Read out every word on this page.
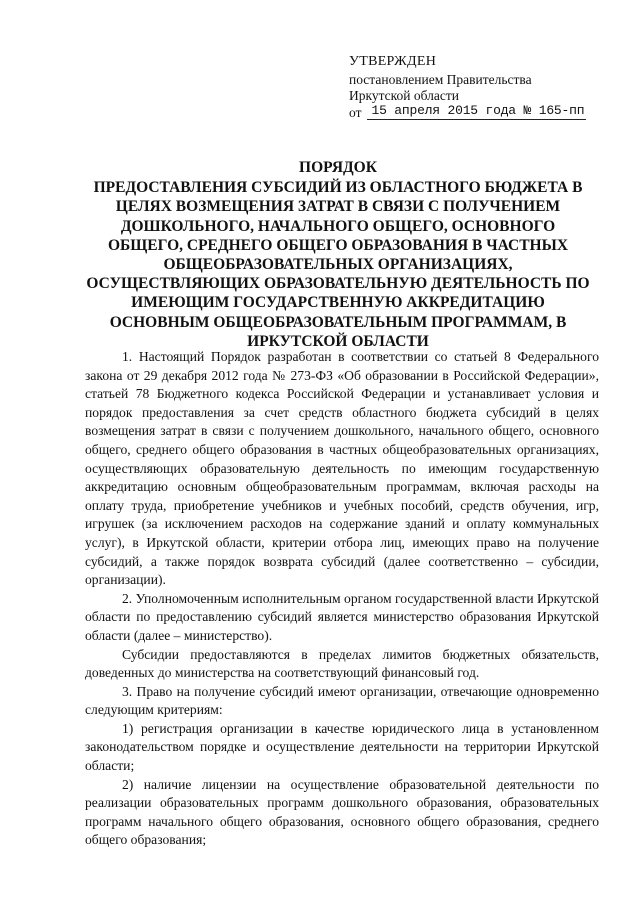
УТВЕРЖДЕН
постановлением Правительства
Иркутской области
от 15 апреля 2015 года № 165-пп
ПОРЯДОК
ПРЕДОСТАВЛЕНИЯ СУБСИДИЙ ИЗ ОБЛАСТНОГО БЮДЖЕТА В
ЦЕЛЯХ ВОЗМЕЩЕНИЯ ЗАТРАТ В СВЯЗИ С ПОЛУЧЕНИЕМ
ДОШКОЛЬНОГО, НАЧАЛЬНОГО ОБЩЕГО, ОСНОВНОГО
ОБЩЕГО, СРЕДНЕГО ОБЩЕГО ОБРАЗОВАНИЯ В ЧАСТНЫХ
ОБЩЕОБРАЗОВАТЕЛЬНЫХ ОРГАНИЗАЦИЯХ,
ОСУЩЕСТВЛЯЮЩИХ ОБРАЗОВАТЕЛЬНУЮ ДЕЯТЕЛЬНОСТЬ ПО
ИМЕЮЩИМ ГОСУДАРСТВЕННУЮ АККРЕДИТАЦИЮ
ОСНОВНЫМ ОБЩЕОБРАЗОВАТЕЛЬНЫМ ПРОГРАММАМ, В
ИРКУТСКОЙ ОБЛАСТИ

1. Настоящий Порядок разработан в соответствии со статьей 8 Федерального закона от 29 декабря 2012 года № 273-ФЗ «Об образовании в Российской Федерации», статьей 78 Бюджетного кодекса Российской Федерации и устанавливает условия и порядок предоставления за счет средств областного бюджета субсидий в целях возмещения затрат в связи с получением дошкольного, начального общего, основного общего, среднего общего образования в частных общеобразовательных организациях, осуществляющих образовательную деятельность по имеющим государственную аккредитацию основным общеобразовательным программам, включая расходы на оплату труда, приобретение учебников и учебных пособий, средств обучения, игр, игрушек (за исключением расходов на содержание зданий и оплату коммунальных услуг), в Иркутской области, критерии отбора лиц, имеющих право на получение субсидий, а также порядок возврата субсидий (далее соответственно – субсидии, организации).

2. Уполномоченным исполнительным органом государственной власти Иркутской области по предоставлению субсидий является министерство образования Иркутской области (далее – министерство).

Субсидии предоставляются в пределах лимитов бюджетных обязательств, доведенных до министерства на соответствующий финансовый год.

3. Право на получение субсидий имеют организации, отвечающие одновременно следующим критериям:

1) регистрация организации в качестве юридического лица в установленном законодательством порядке и осуществление деятельности на территории Иркутской области;

2) наличие лицензии на осуществление образовательной деятельности по реализации образовательных программ дошкольного образования, образовательных программ начального общего образования, основного общего образования, среднего общего образования;
